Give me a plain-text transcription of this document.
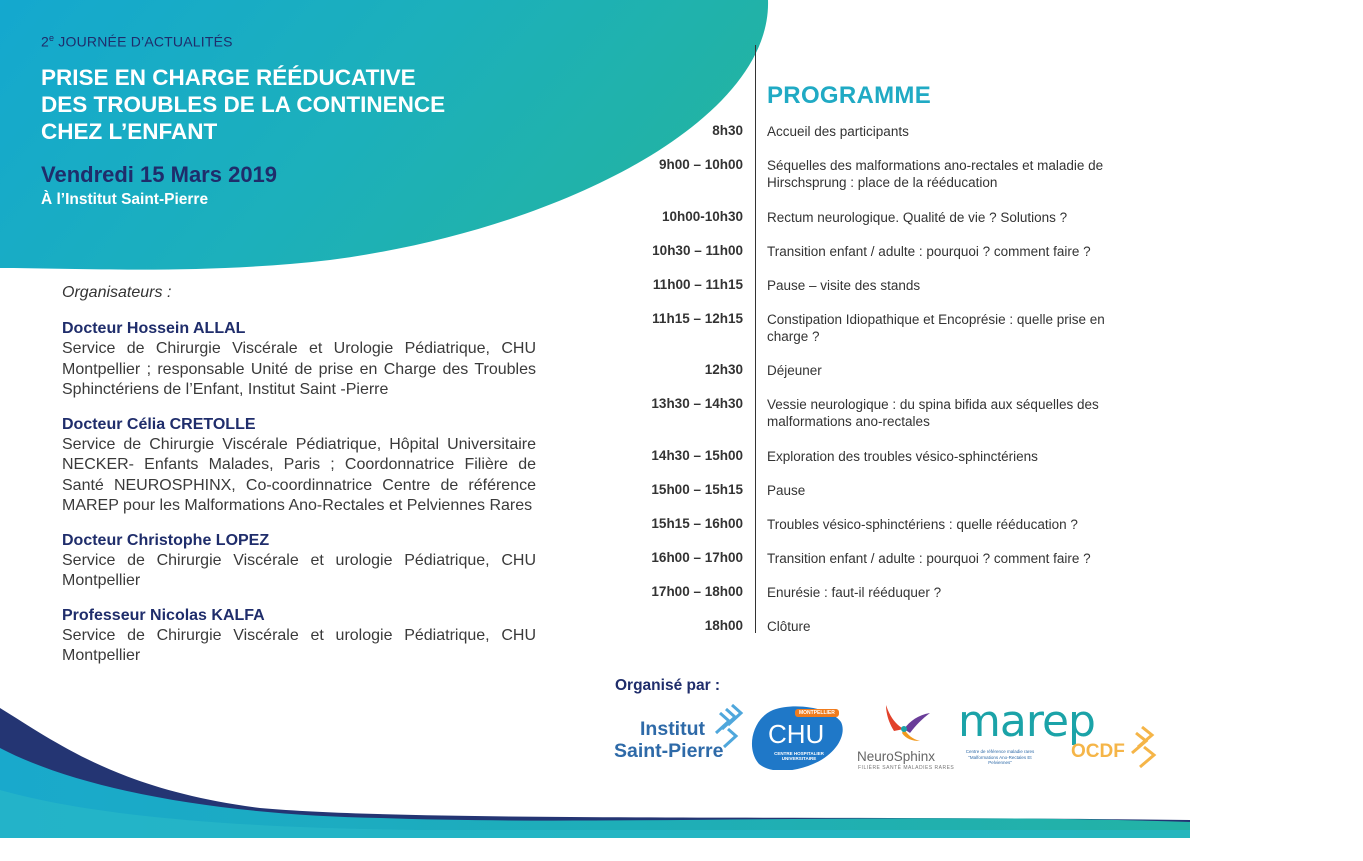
2e JOURNÉE D’ACTUALITÉS
PRISE EN CHARGE RÉÉDUCATIVE
DES TROUBLES DE LA CONTINENCE
CHEZ L’ENFANT
Vendredi 15 Mars 2019
À l’Institut Saint-Pierre
Organisateurs :
Docteur Hossein ALLAL
Service de Chirurgie Viscérale et Urologie Pédiatrique, CHU Montpellier ; responsable Unité de prise en Charge des Troubles Sphinctériens de l’Enfant, Institut Saint -Pierre
Docteur Célia CRETOLLE
Service de Chirurgie Viscérale Pédiatrique, Hôpital Universitaire NECKER- Enfants Malades, Paris ; Coordonnatrice Filière de Santé NEUROSPHINX, Co-coordinnatrice Centre de référence MAREP pour les Malformations Ano-Rectales et Pelviennes Rares
Docteur Christophe LOPEZ
Service de Chirurgie Viscérale et urologie Pédiatrique, CHU Montpellier
Professeur Nicolas KALFA
Service de Chirurgie Viscérale et urologie Pédiatrique, CHU Montpellier
PROGRAMME
8h30 Accueil des participants
9h00 – 10h00 Séquelles des malformations ano-rectales et maladie de Hirschsprung : place de la rééducation
10h00-10h30 Rectum neurologique. Qualité de vie ? Solutions ?
10h30 – 11h00 Transition enfant / adulte : pourquoi ? comment faire ?
11h00 – 11h15 Pause – visite des stands
11h15 – 12h15 Constipation Idiopathique et Encoprésie : quelle prise en charge ?
12h30 Déjeuner
13h30 – 14h30 Vessie neurologique : du spina bifida aux séquelles des malformations ano-rectales
14h30 – 15h00 Exploration des troubles vésico-sphinctériens
15h00 – 15h15 Pause
15h15 – 16h00 Troubles vésico-sphinctériens : quelle rééducation ?
16h00 – 17h00 Transition enfant / adulte : pourquoi ? comment faire ?
17h00 – 18h00 Enurésie : faut-il rééduquer ?
18h00 Clôture
Organisé par :
Institut
Saint-Pierre
MONTPELLIER
CHU
CENTRE HOSPITALIER UNIVERSITAIRE	NeuroSphinx
FILIÈRE SANTÉ MALADIES RARES
marep
Centre de référence maladie rares "Malformations Ano-Rectales Et Pelviennes"
OCDF
